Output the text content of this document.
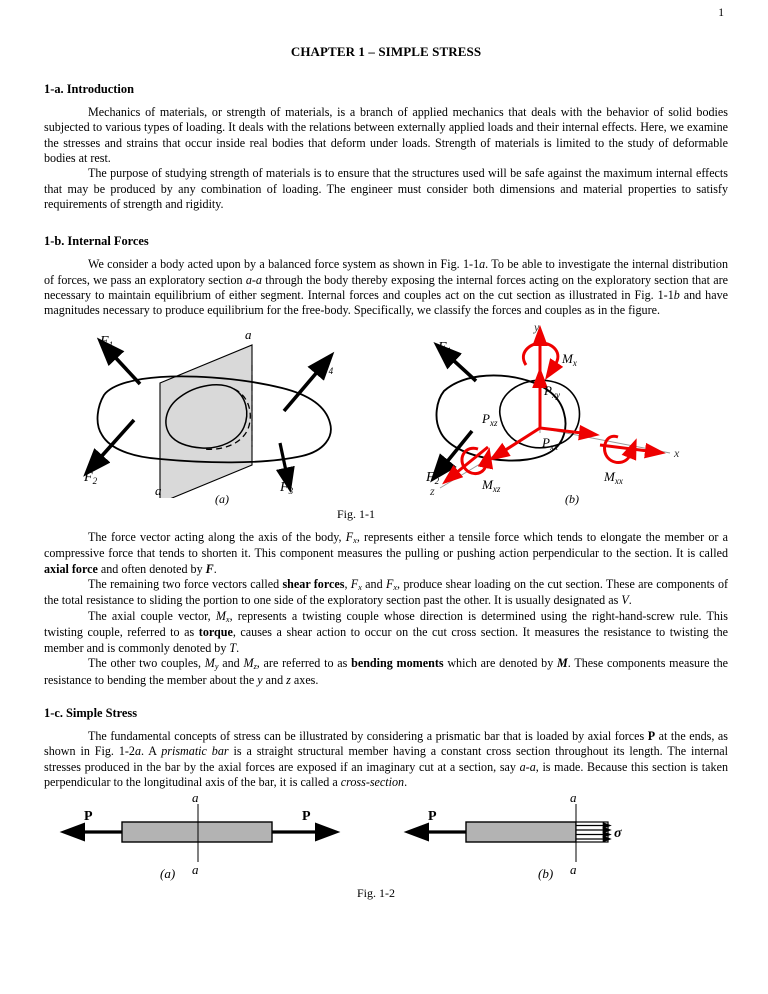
1
CHAPTER 1 – SIMPLE STRESS
1-a. Introduction

Mechanics of materials, or strength of materials, is a branch of applied mechanics that deals with the behavior of solid bodies subjected to various types of loading. It deals with the relations between externally applied loads and their internal effects. Here, we examine the stresses and strains that occur inside real bodies that deform under loads. Strength of materials is limited to the study of deformable bodies at rest.

The purpose of studying strength of materials is to ensure that the structures used will be safe against the maximum internal effects that may be produced by any combination of loading. The engineer must consider both dimensions and material properties to satisfy requirements of strength and rigidity.

1-b. Internal Forces

We consider a body acted upon by a balanced force system as shown in Fig. 1-1a. To be able to investigate the internal distribution of forces, we pass an exploratory section a-a through the body thereby exposing the internal forces acting on the exploratory section that are necessary to maintain equilibrium of either segment. Internal forces and couples act on the cut section as illustrated in Fig. 1-1b and have magnitudes necessary to produce equilibrium for the free-body. Specifically, we classify the forces and couples as in the figure.

$F_1$
$F_2$
$F_4$
$F_3$
a
a
(a)
y
x
z
$F_1$
$F_2$
$P_{xy}$
$P_{xz}$
$P_{xx}$
$M_x$
$M_{xx}$
$M_{xz}$
(b)
Fig. 1-1

The force vector acting along the axis of the body, $F_x$, represents either a tensile force which tends to elongate the member or a compressive force that tends to shorten it. This component measures the pulling or pushing action perpendicular to the section. It is called axial force and often denoted by F.

The remaining two force vectors called shear forces, $F_x$ and $F_x$, produce shear loading on the cut section. These are components of the total resistance to sliding the portion to one side of the exploratory section past the other. It is usually designated as V.

The axial couple vector, $M_x$, represents a twisting couple whose direction is determined using the right-hand-screw rule. This twisting couple, referred to as torque, causes a shear action to occur on the cut cross section. It measures the resistance to twisting the member and is commonly denoted by T.

The other two couples, $M_y$ and $M_z$, are referred to as bending moments which are denoted by M. These components measure the resistance to bending the member about the y and z axes.

1-c. Simple Stress

The fundamental concepts of stress can be illustrated by considering a prismatic bar that is loaded by axial forces P at the ends, as shown in Fig. 1-2a. A prismatic bar is a straight structural member having a constant cross section throughout its length. The internal stresses produced in the bar by the axial forces are exposed if an imaginary cut at a section, say a-a, is made. Because this section is taken perpendicular to the longitudinal axis of the bar, it is called a cross-section.

a
a
P	P
(a)
a
a
P
σ
(b)
Fig. 1-2
